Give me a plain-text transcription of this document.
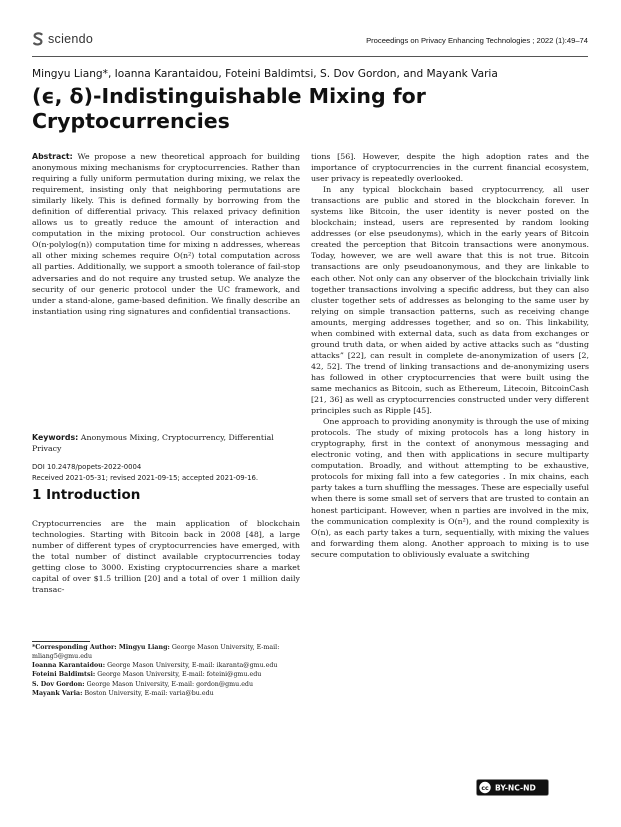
sciendo	Proceedings on Privacy Enhancing Technologies ; 2022 (1):49–74
Mingyu Liang*, Ioanna Karantaidou, Foteini Baldimtsi, S. Dov Gordon, and Mayank Varia
(ϵ, δ)-Indistinguishable Mixing for
Cryptocurrencies

Abstract: We propose a new theoretical approach for building anonymous mixing mechanisms for cryptocurrencies. Rather than requiring a fully uniform permutation during mixing, we relax the requirement, insisting only that neighboring permutations are similarly likely. This is defined formally by borrowing from the definition of differential privacy. This relaxed privacy definition allows us to greatly reduce the amount of interaction and computation in the mixing protocol. Our construction achieves O(n·polylog(n)) computation time for mixing n addresses, whereas all other mixing schemes require O(n²) total computation across all parties. Additionally, we support a smooth tolerance of fail-stop adversaries and do not require any trusted setup. We analyze the security of our generic protocol under the UC framework, and under a stand-alone, game-based definition. We finally describe an instantiation using ring signatures and confidential transactions.

Keywords: Anonymous Mixing, Cryptocurrency, Differential Privacy
DOI 10.2478/popets-2022-0004
Received 2021-05-31; revised 2021-09-15; accepted 2021-09-16.
1 Introduction
Cryptocurrencies are the main application of blockchain technologies. Starting with Bitcoin back in 2008 [48], a large number of different types of cryptocurrencies have emerged, with the total number of distinct available cryptocurrencies today getting close to 3000. Existing cryptocurrencies share a market capital of over $1.5 trillion [20] and a total of over 1 million daily transac-
*Corresponding Author: Mingyu Liang: George Mason University, E-mail: mliang5@gmu.edu
Ioanna Karantaidou: George Mason University, E-mail: ikaranta@gmu.edu
Foteini Baldimtsi: George Mason University, E-mail: foteini@gmu.edu
S. Dov Gordon: George Mason University, E-mail: gordon@gmu.edu
Mayank Varia: Boston University, E-mail: varia@bu.edu

tions [56]. However, despite the high adoption rates and the importance of cryptocurrencies in the current financial ecosystem, user privacy is repeatedly overlooked.

In any typical blockchain based cryptocurrency, all user transactions are public and stored in the blockchain forever. In systems like Bitcoin, the user identity is never posted on the blockchain; instead, users are represented by random looking addresses (or else pseudonyms), which in the early years of Bitcoin created the perception that Bitcoin transactions were anonymous. Today, however, we are well aware that this is not true. Bitcoin transactions are only pseudoanonymous, and they are linkable to each other. Not only can any observer of the blockchain trivially link together transactions involving a specific address, but they can also cluster together sets of addresses as belonging to the same user by relying on simple transaction patterns, such as receiving change amounts, merging addresses together, and so on. This linkability, when combined with external data, such as data from exchanges or ground truth data, or when aided by active attacks such as “dusting attacks” [22], can result in complete de-anonymization of users [2, 42, 52]. The trend of linking transactions and de-anonymizing users has followed in other cryptocurrencies that were built using the same mechanics as Bitcoin, such as Ethereum, Litecoin, BitcoinCash [21, 36] as well as cryptocurrencies constructed under very different principles such as Ripple [45].

One approach to providing anonymity is through the use of mixing protocols. The study of mixing protocols has a long history in cryptography, first in the context of anonymous messaging and electronic voting, and then with applications in secure multiparty computation. Broadly, and without attempting to be exhaustive, protocols for mixing fall into a few categories . In mix chains, each party takes a turn shuffling the messages. These are especially useful when there is some small set of servers that are trusted to contain an honest participant. However, when n parties are involved in the mix, the communication complexity is O(n²), and the round complexity is O(n), as each party takes a turn, sequentially, with mixing the values and forwarding them along. Another approach to mixing is to use secure computation to obliviously evaluate a switching

cc BY-NC-ND
